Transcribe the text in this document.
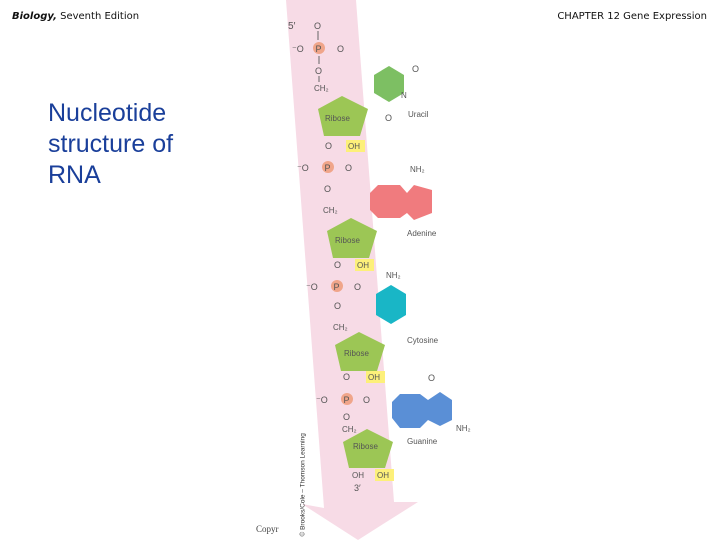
Biology, Seventh Edition	CHAPTER 12 Gene Expression
Nucleotide
structure of
RNA
5′ O
P
⁻O	O
O
CH₂
Ribose
OH
O
O
O
N
Uracil
P
⁻O	O
O
CH₂
Ribose
OH
O
NH₂
Adenine
P
⁻O	O
O
CH₂
Ribose
OH
O
NH₂
Cytosine
P
⁻O	O
O
CH₂
Ribose
OH
OH
3′
O
NH₂
Guanine
© Brooks/Cole – Thomson Learning
Copyr
